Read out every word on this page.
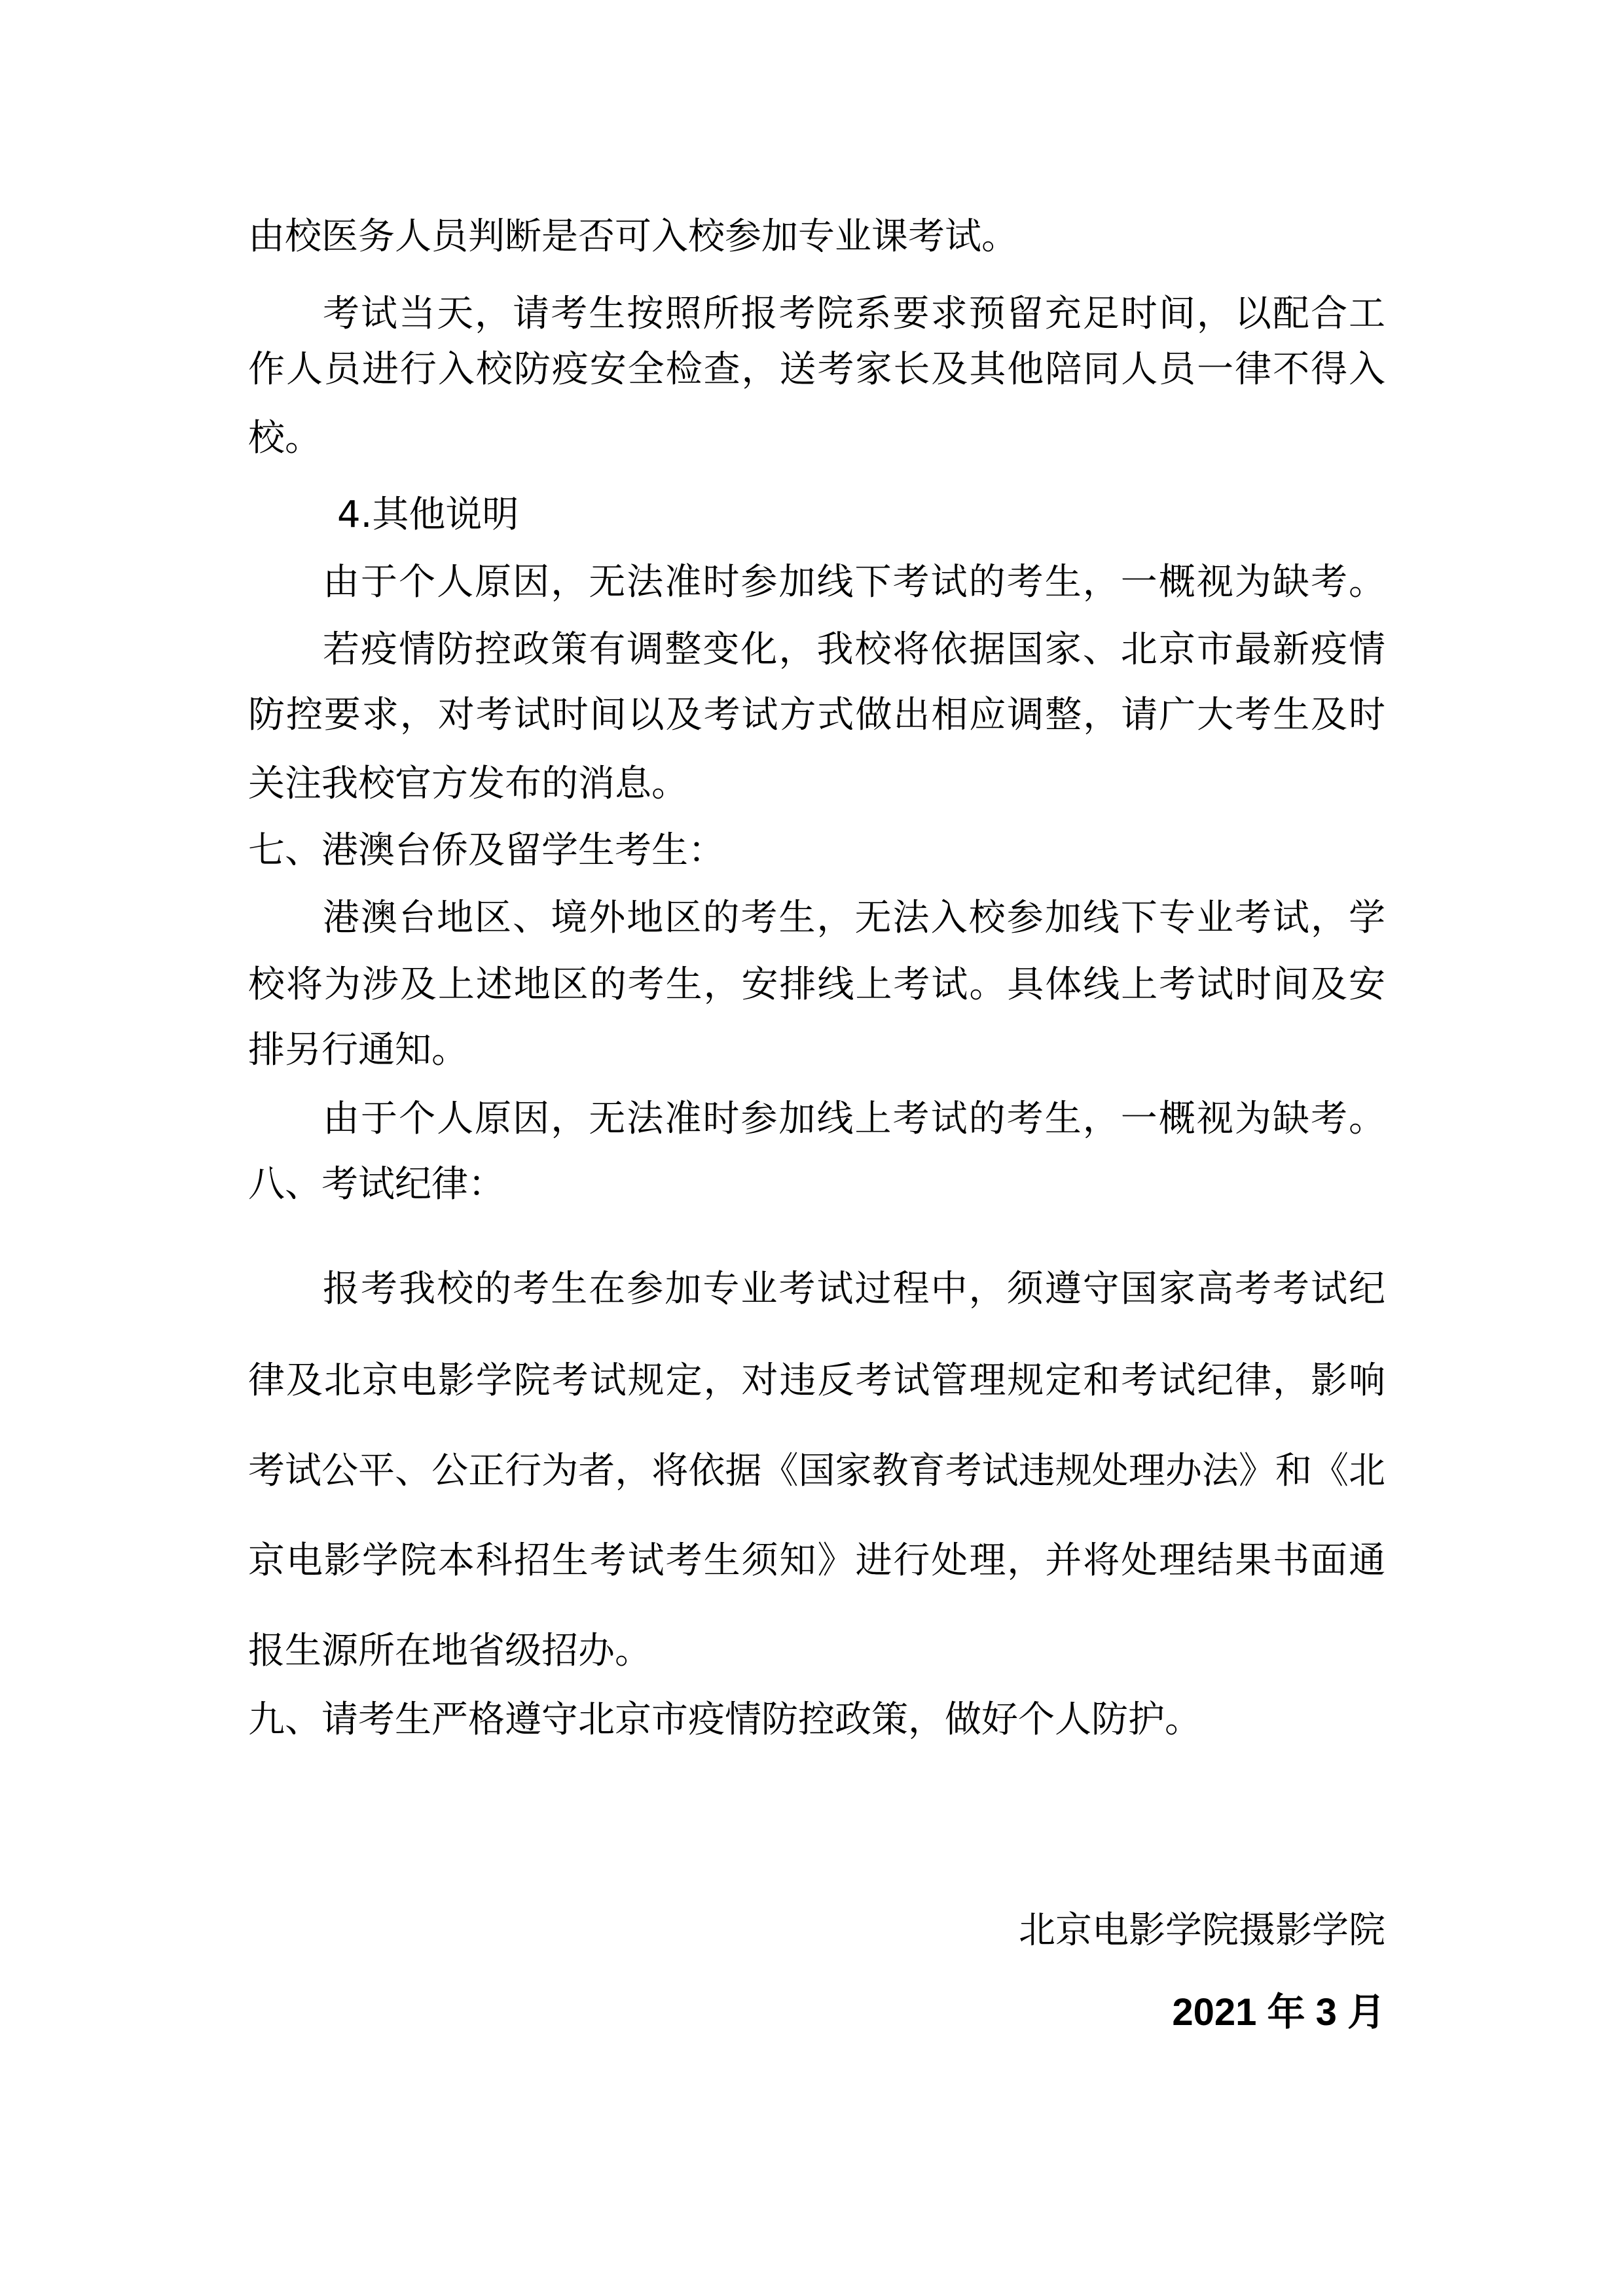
由校医务人员判断是否可入校参加专业课考试。

考试当天，请考生按照所报考院系要求预留充足时间，以配合工

作人员进行入校防疫安全检查，送考家长及其他陪同人员一律不得入

校。

4.其他说明

由于个人原因，无法准时参加线下考试的考生，一概视为缺考。

若疫情防控政策有调整变化，我校将依据国家、北京市最新疫情

防控要求，对考试时间以及考试方式做出相应调整，请广大考生及时

关注我校官方发布的消息。

七、港澳台侨及留学生考生：

港澳台地区、境外地区的考生，无法入校参加线下专业考试，学

校将为涉及上述地区的考生，安排线上考试。具体线上考试时间及安

排另行通知。

由于个人原因，无法准时参加线上考试的考生，一概视为缺考。

八、考试纪律：

报考我校的考生在参加专业考试过程中，须遵守国家高考考试纪

律及北京电影学院考试规定，对违反考试管理规定和考试纪律，影响

考试公平、公正行为者，将依据《国家教育考试违规处理办法》和《北

京电影学院本科招生考试考生须知》进行处理，并将处理结果书面通

报生源所在地省级招办。

九、请考生严格遵守北京市疫情防控政策，做好个人防护。

北京电影学院摄影学院

2021 年 3 月
